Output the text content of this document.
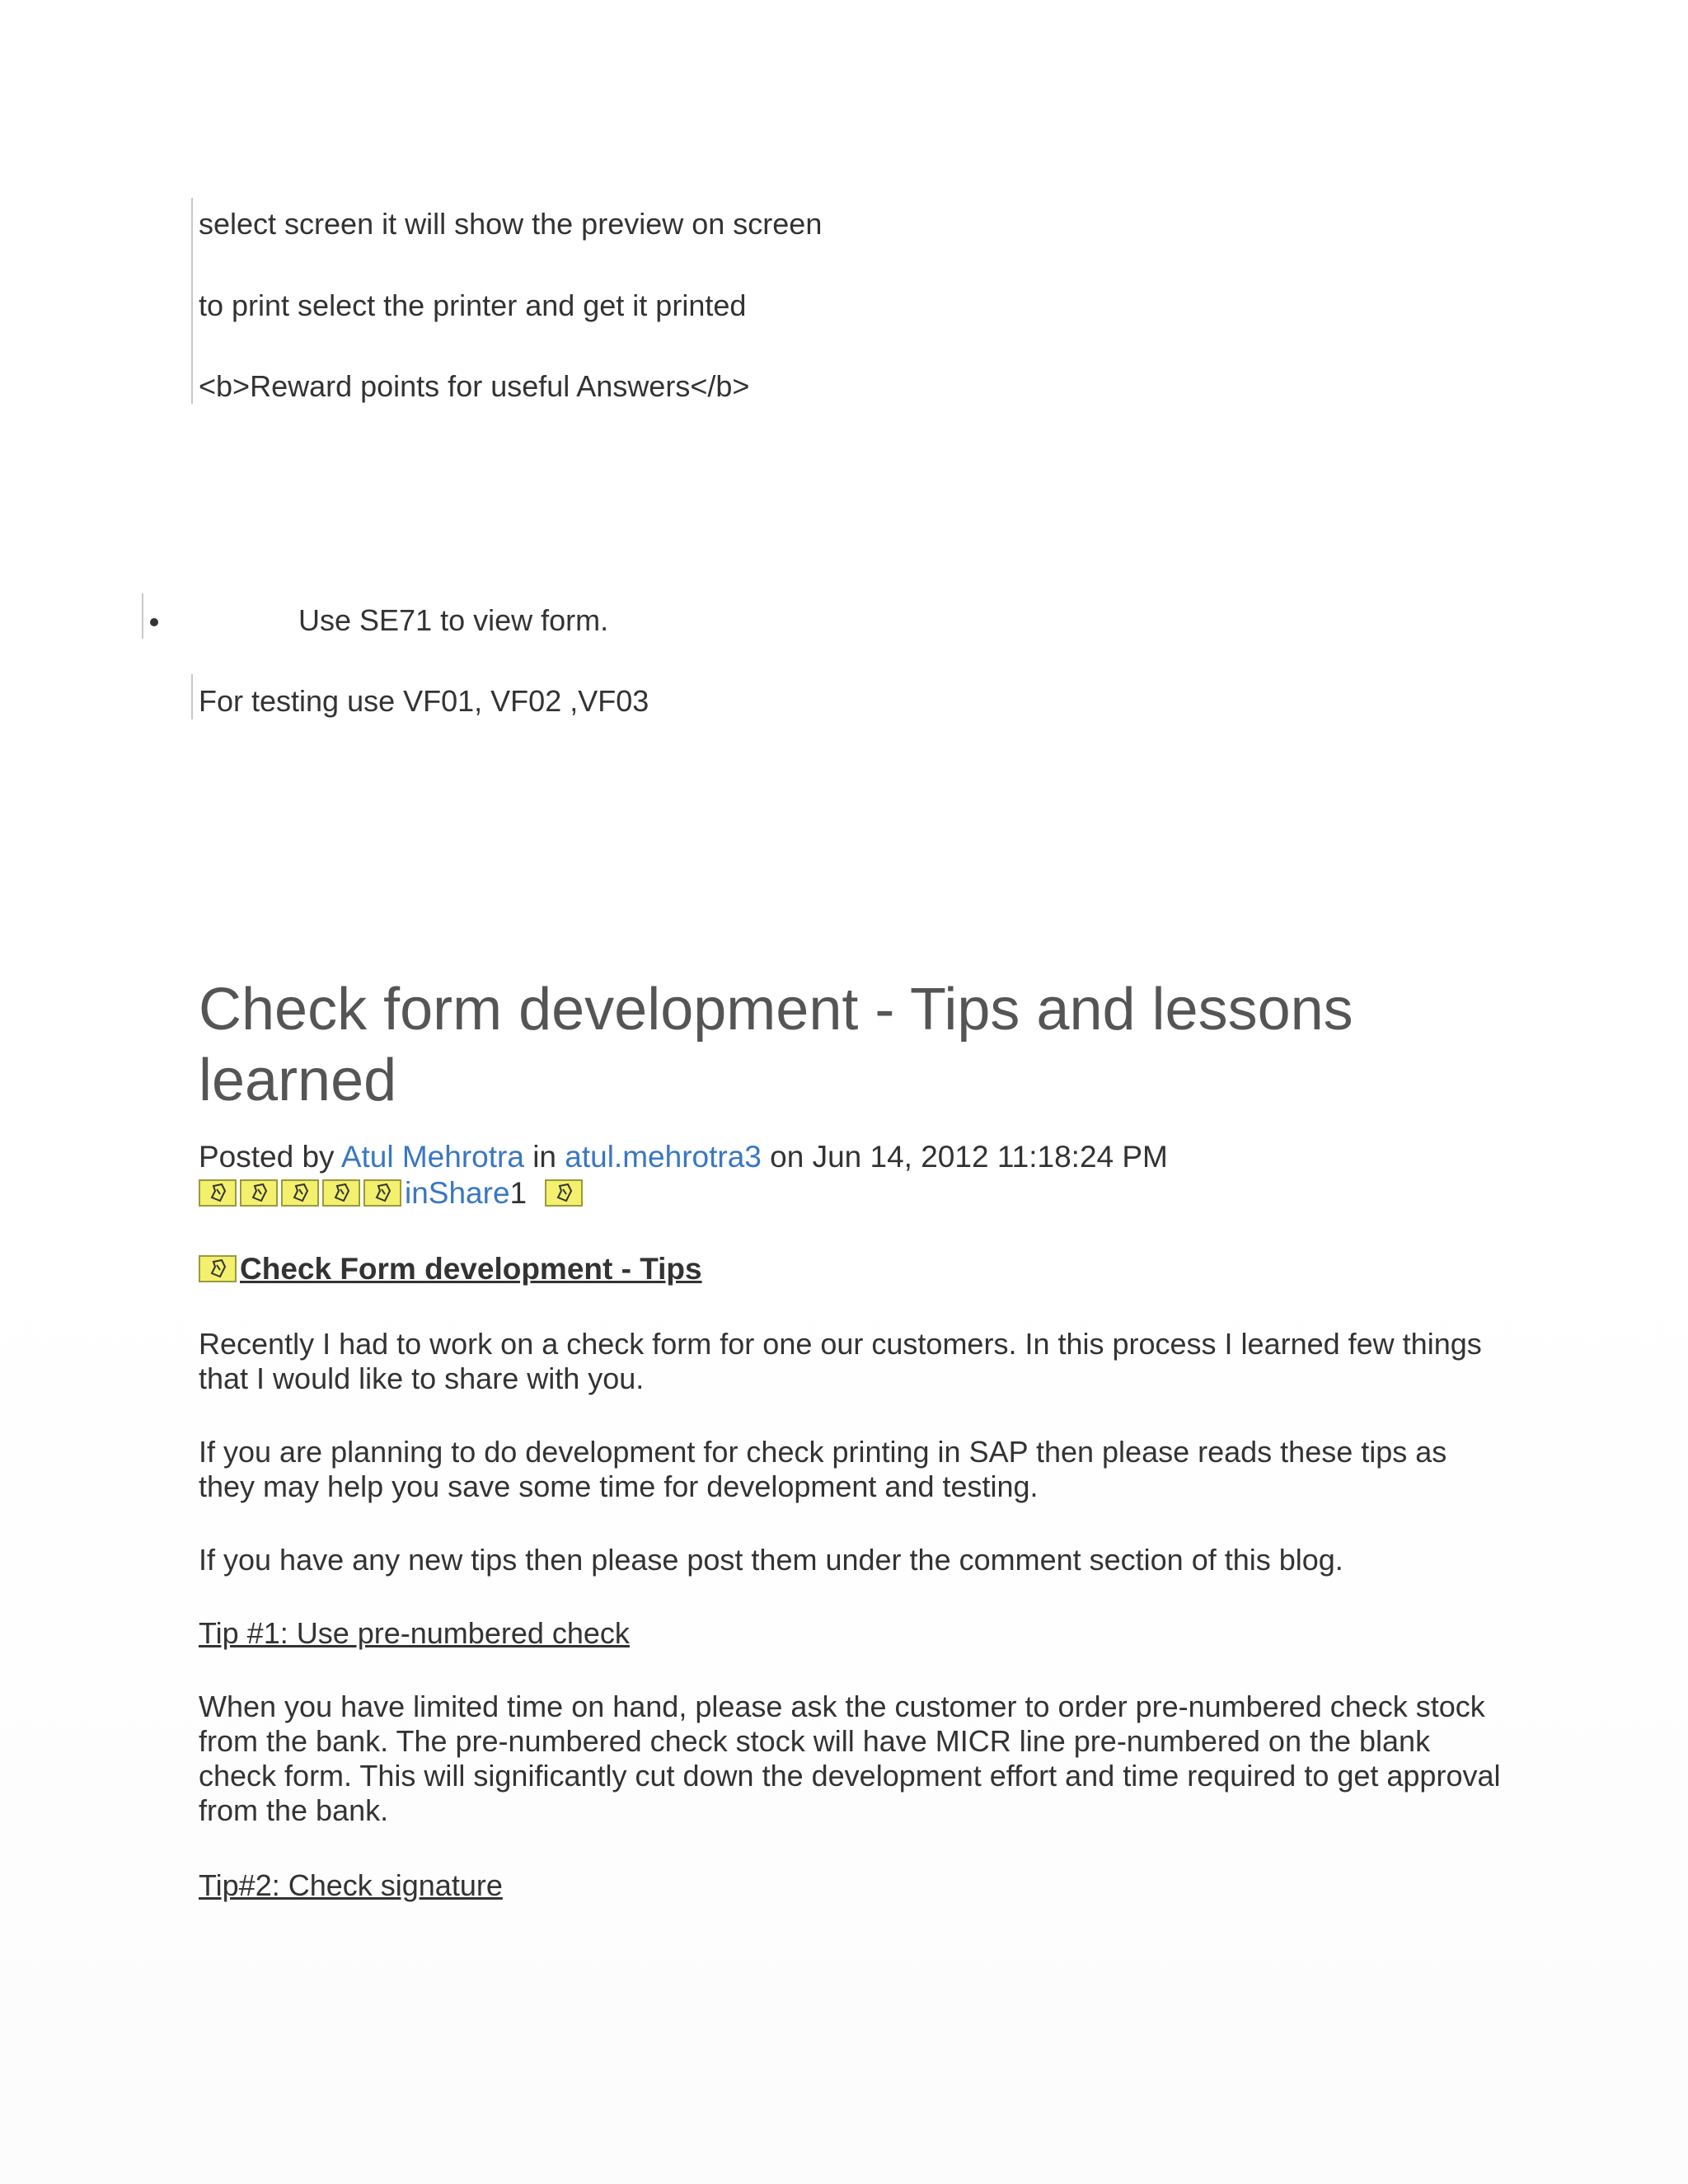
select screen it will show the preview on screen
to print select the printer and get it printed
<b>Reward points for useful Answers</b>
Use SE71 to view form.
For testing use VF01, VF02 ,VF03
Check form development - Tips and lessons learned
Posted by Atul Mehrotra in atul.mehrotra3 on Jun 14, 2012 11:18:24 PM
inShare1
Check Form development - Tips
Recently I had to work on a check form for one our customers. In this process I learned few things that I would like to share with you.
If you are planning to do development for check printing in SAP then please reads these tips as they may help you save some time for development and testing.
If you have any new tips then please post them under the comment section of this blog.
Tip #1: Use pre-numbered check
When you have limited time on hand, please ask the customer to order pre-numbered check stock from the bank. The pre-numbered check stock will have MICR line pre-numbered on the blank check form. This will significantly cut down the development effort and time required to get approval from the bank.
Tip#2: Check signature
